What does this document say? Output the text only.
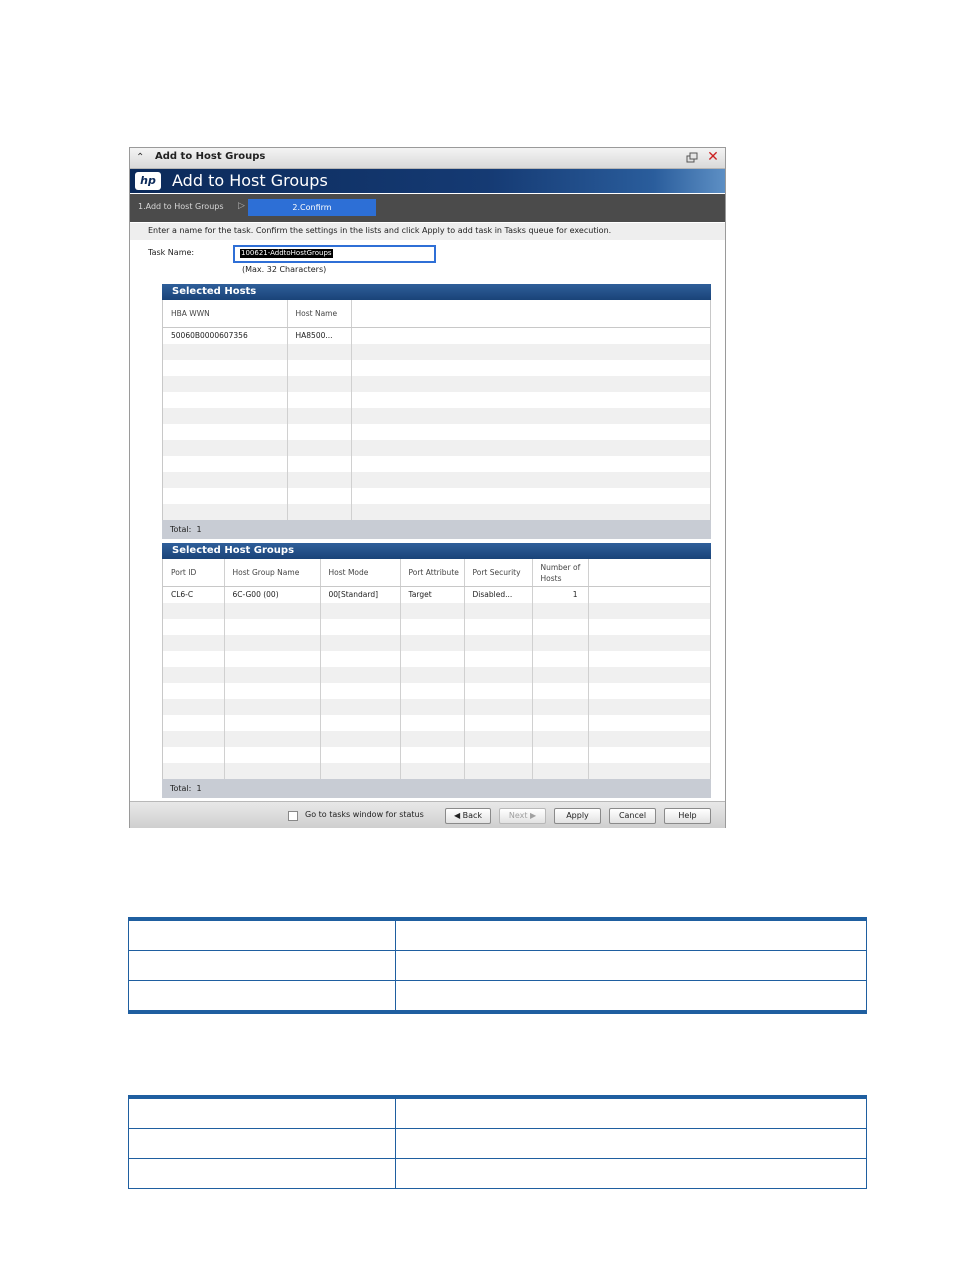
⌃ Add to Host Groups	✕
hp	Add to Host Groups
1.Add to Host Groups ▷	2.Confirm
Enter a name for the task. Confirm the settings in the lists and click Apply to add task in Tasks queue for execution.
Task Name:	100621-AddtoHostGroups
(Max. 32 Characters)
Selected Hosts
HBA WWN	Host Name	
50060B0000607356	HA8500...	

Total: 1
Selected Host Groups
Port ID	Host Group Name	Host Mode	Port Attribute	Port Security	Number of Hosts	
CL6-C	6C-G00 (00)	00[Standard]	Target	Disabled...	1	

Total: 1
Go to tasks window for status	◀ Back	Next ▶	Apply	Cancel	Help
